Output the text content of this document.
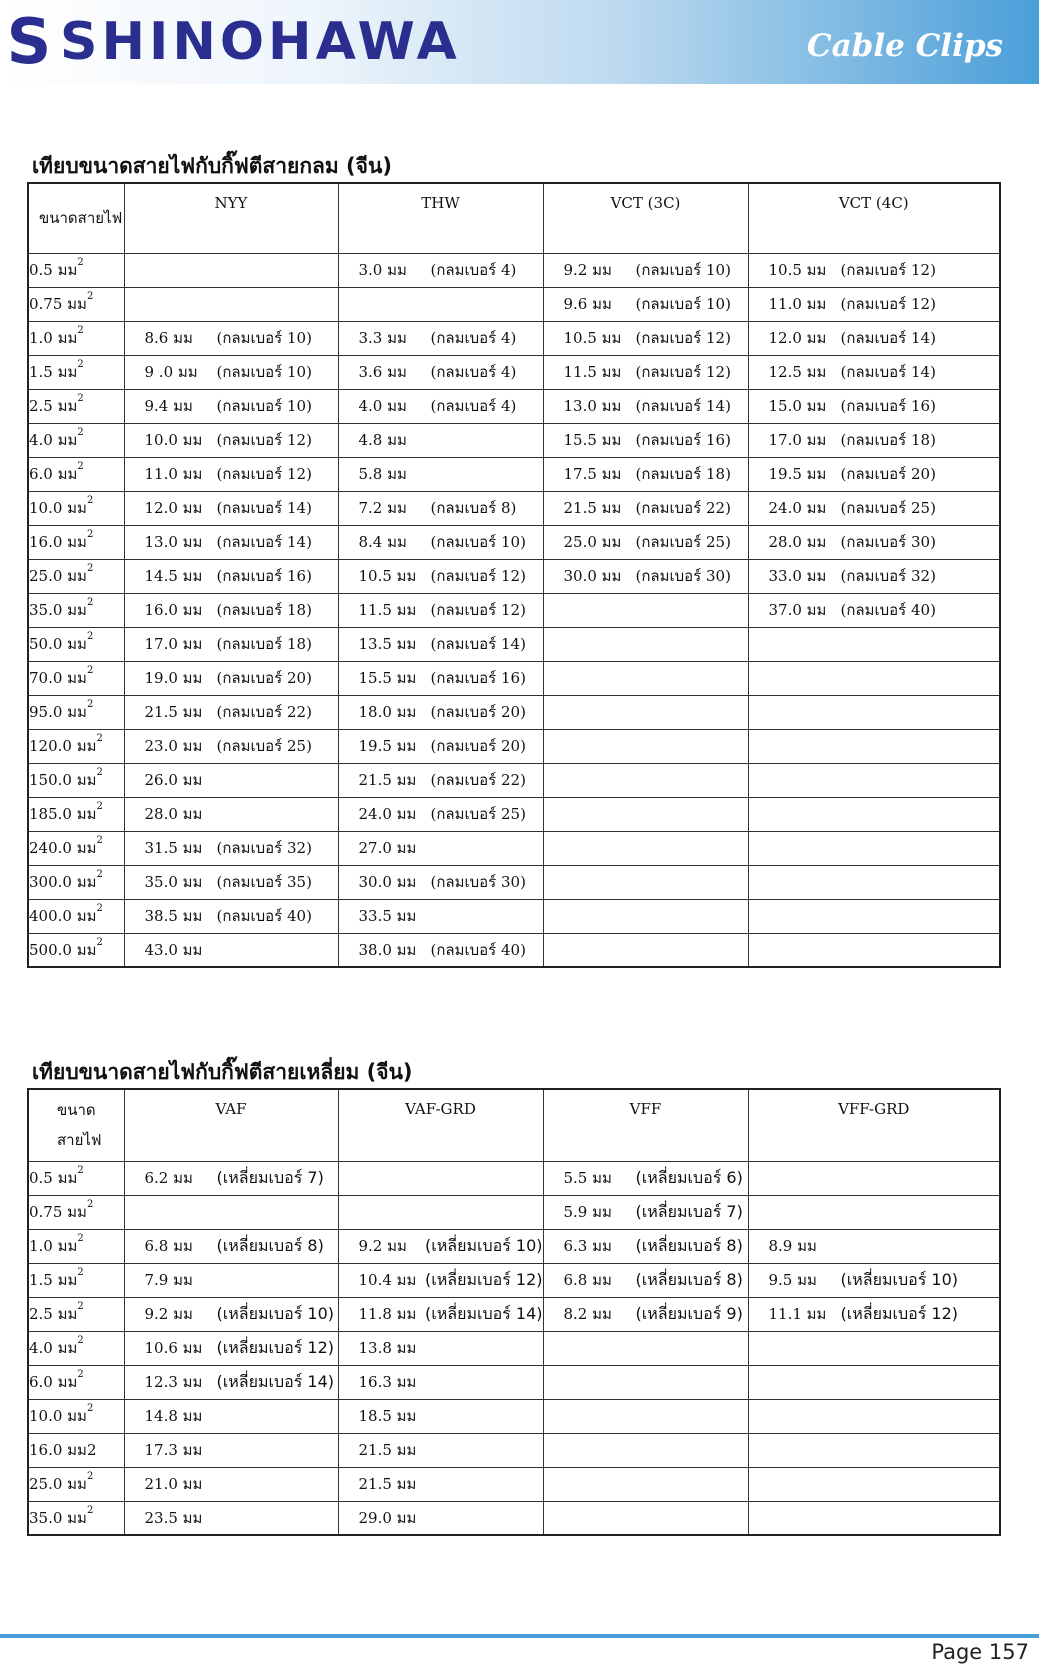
S SHINOHAWA	Cable Clips
เทียบขนาดสายไฟกับกิ๊ฟตีสายกลม (จีน)
ขนาดสายไฟ	NYY	THW	VCT (3C)	VCT (4C)
0.5 มม$^2$		3.0 มม (กลมเบอร์ 4)	9.2 มม (กลมเบอร์ 10)	10.5 มม (กลมเบอร์ 12)

0.75 มม$^2$			9.6 มม (กลมเบอร์ 10)	11.0 มม (กลมเบอร์ 12)

1.0 มม$^2$	8.6 มม (กลมเบอร์ 10)	3.3 มม (กลมเบอร์ 4)	10.5 มม (กลมเบอร์ 12)	12.0 มม (กลมเบอร์ 14)

1.5 มม$^2$	9 .0 มม (กลมเบอร์ 10)	3.6 มม (กลมเบอร์ 4)	11.5 มม (กลมเบอร์ 12)	12.5 มม (กลมเบอร์ 14)

2.5 มม$^2$	9.4 มม (กลมเบอร์ 10)	4.0 มม (กลมเบอร์ 4)	13.0 มม (กลมเบอร์ 14)	15.0 มม (กลมเบอร์ 16)

4.0 มม$^2$	10.0 มม (กลมเบอร์ 12)	4.8 มม	15.5 มม (กลมเบอร์ 16)	17.0 มม (กลมเบอร์ 18)

6.0 มม$^2$	11.0 มม (กลมเบอร์ 12)	5.8 มม	17.5 มม (กลมเบอร์ 18)	19.5 มม (กลมเบอร์ 20)

10.0 มม$^2$	12.0 มม (กลมเบอร์ 14)	7.2 มม (กลมเบอร์ 8)	21.5 มม (กลมเบอร์ 22)	24.0 มม (กลมเบอร์ 25)

16.0 มม$^2$	13.0 มม (กลมเบอร์ 14)	8.4 มม (กลมเบอร์ 10)	25.0 มม (กลมเบอร์ 25)	28.0 มม (กลมเบอร์ 30)

25.0 มม$^2$	14.5 มม (กลมเบอร์ 16)	10.5 มม (กลมเบอร์ 12)	30.0 มม (กลมเบอร์ 30)	33.0 มม (กลมเบอร์ 32)

35.0 มม$^2$	16.0 มม (กลมเบอร์ 18)	11.5 มม (กลมเบอร์ 12)		37.0 มม (กลมเบอร์ 40)

50.0 มม$^2$	17.0 มม (กลมเบอร์ 18)	13.5 มม (กลมเบอร์ 14)		

70.0 มม$^2$	19.0 มม (กลมเบอร์ 20)	15.5 มม (กลมเบอร์ 16)		

95.0 มม$^2$	21.5 มม (กลมเบอร์ 22)	18.0 มม (กลมเบอร์ 20)		

120.0 มม$^2$	23.0 มม (กลมเบอร์ 25)	19.5 มม (กลมเบอร์ 20)		

150.0 มม$^2$	26.0 มม	21.5 มม (กลมเบอร์ 22)		

185.0 มม$^2$	28.0 มม	24.0 มม (กลมเบอร์ 25)		

240.0 มม$^2$	31.5 มม (กลมเบอร์ 32)	27.0 มม		

300.0 มม$^2$	35.0 มม (กลมเบอร์ 35)	30.0 มม (กลมเบอร์ 30)		

400.0 มม$^2$	38.5 มม (กลมเบอร์ 40)	33.5 มม		

500.0 มม$^2$	43.0 มม	38.0 มม (กลมเบอร์ 40)		

เทียบขนาดสายไฟกับกิ๊ฟตีสายเหลี่ยม (จีน)
ขนาด สายไฟ	VAF	VAF-GRD	VFF	VFF-GRD
0.5 มม$^2$	6.2 มม (เหลี่ยมเบอร์ 7)		5.5 มม (เหลี่ยมเบอร์ 6)	

0.75 มม$^2$			5.9 มม (เหลี่ยมเบอร์ 7)	

1.0 มม$^2$	6.8 มม (เหลี่ยมเบอร์ 8)	9.2 มม (เหลี่ยมเบอร์ 10)	6.3 มม (เหลี่ยมเบอร์ 8)	8.9 มม

1.5 มม$^2$	7.9 มม	10.4 มม (เหลี่ยมเบอร์ 12)	6.8 มม (เหลี่ยมเบอร์ 8)	9.5 มม (เหลี่ยมเบอร์ 10)

2.5 มม$^2$	9.2 มม (เหลี่ยมเบอร์ 10)	11.8 มม (เหลี่ยมเบอร์ 14)	8.2 มม (เหลี่ยมเบอร์ 9)	11.1 มม (เหลี่ยมเบอร์ 12)

4.0 มม$^2$	10.6 มม (เหลี่ยมเบอร์ 12)	13.8 มม		

6.0 มม$^2$	12.3 มม (เหลี่ยมเบอร์ 14)	16.3 มม		

10.0 มม$^2$	14.8 มม	18.5 มม		

16.0 มม2	17.3 มม	21.5 มม		

25.0 มม$^2$	21.0 มม	21.5 มม		

35.0 มม$^2$	23.5 มม	29.0 มม		

Page 157
